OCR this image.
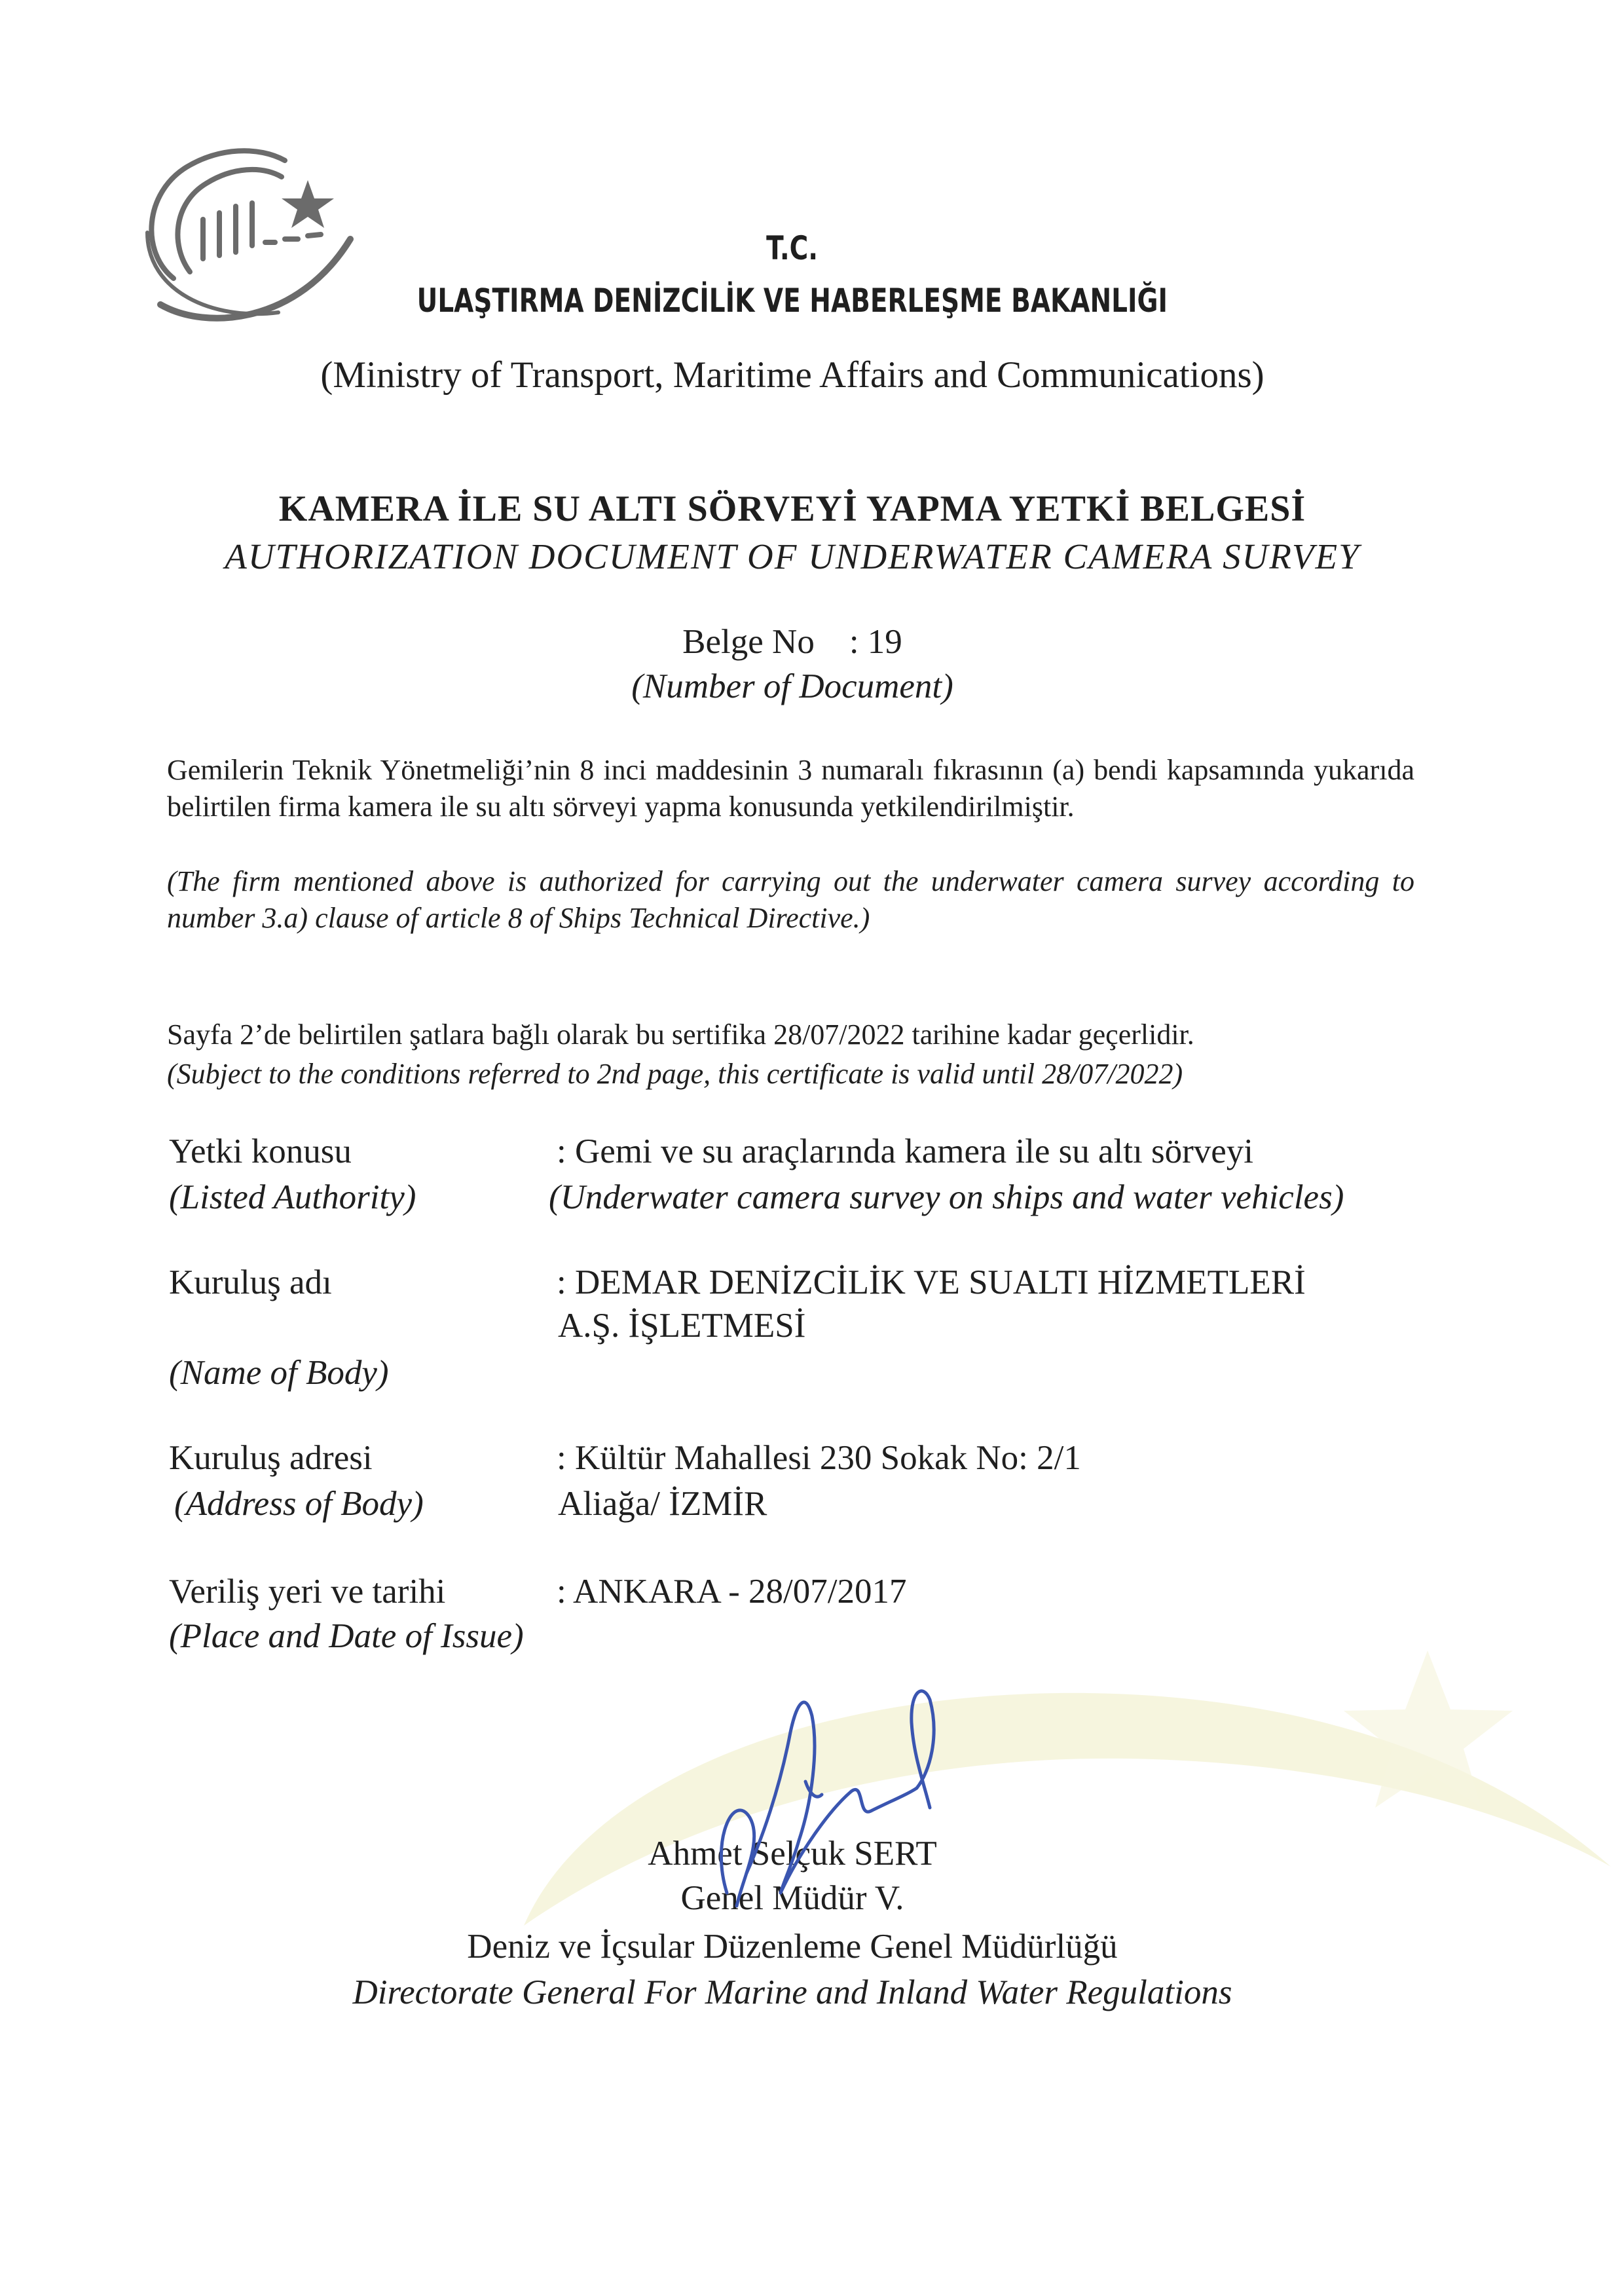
T.C.
ULAŞTIRMA DENİZCİLİK VE HABERLEŞME BAKANLIĞI
(Ministry of Transport, Maritime Affairs and Communications)
KAMERA İLE SU ALTI SÖRVEYİ YAPMA YETKİ BELGESİ
AUTHORIZATION DOCUMENT OF UNDERWATER CAMERA SURVEY
Belge No : 19
(Number of Document)
Gemilerin Teknik Yönetmeliği’nin 8 inci maddesinin 3 numaralı fıkrasının (a) bendi kapsamında yukarıda belirtilen firma kamera ile su altı sörveyi yapma konusunda yetkilendirilmiştir.
(The firm mentioned above is authorized for carrying out the underwater camera survey according to number 3.a) clause of article 8 of Ships Technical Directive.)
Sayfa 2’de belirtilen şatlara bağlı olarak bu sertifika 28/07/2022 tarihine kadar geçerlidir.
(Subject to the conditions referred to 2nd page, this certificate is valid until 28/07/2022)
Yetki konusu
(Listed Authority)
: Gemi ve su araçlarında kamera ile su altı sörveyi
(Underwater camera survey on ships and water vehicles)
Kuruluş adı
(Name of Body)
: DEMAR DENİZCİLİK VE SUALTI HİZMETLERİ
A.Ş. İŞLETMESİ
Kuruluş adresi
(Address of Body)
: Kültür Mahallesi 230 Sokak No: 2/1
Aliağa/ İZMİR
Veriliş yeri ve tarihi
(Place and Date of Issue)
: ANKARA - 28/07/2017
Ahmet Selçuk SERT
Genel Müdür V.
Deniz ve İçsular Düzenleme Genel Müdürlüğü
Directorate General For Marine and Inland Water Regulations
